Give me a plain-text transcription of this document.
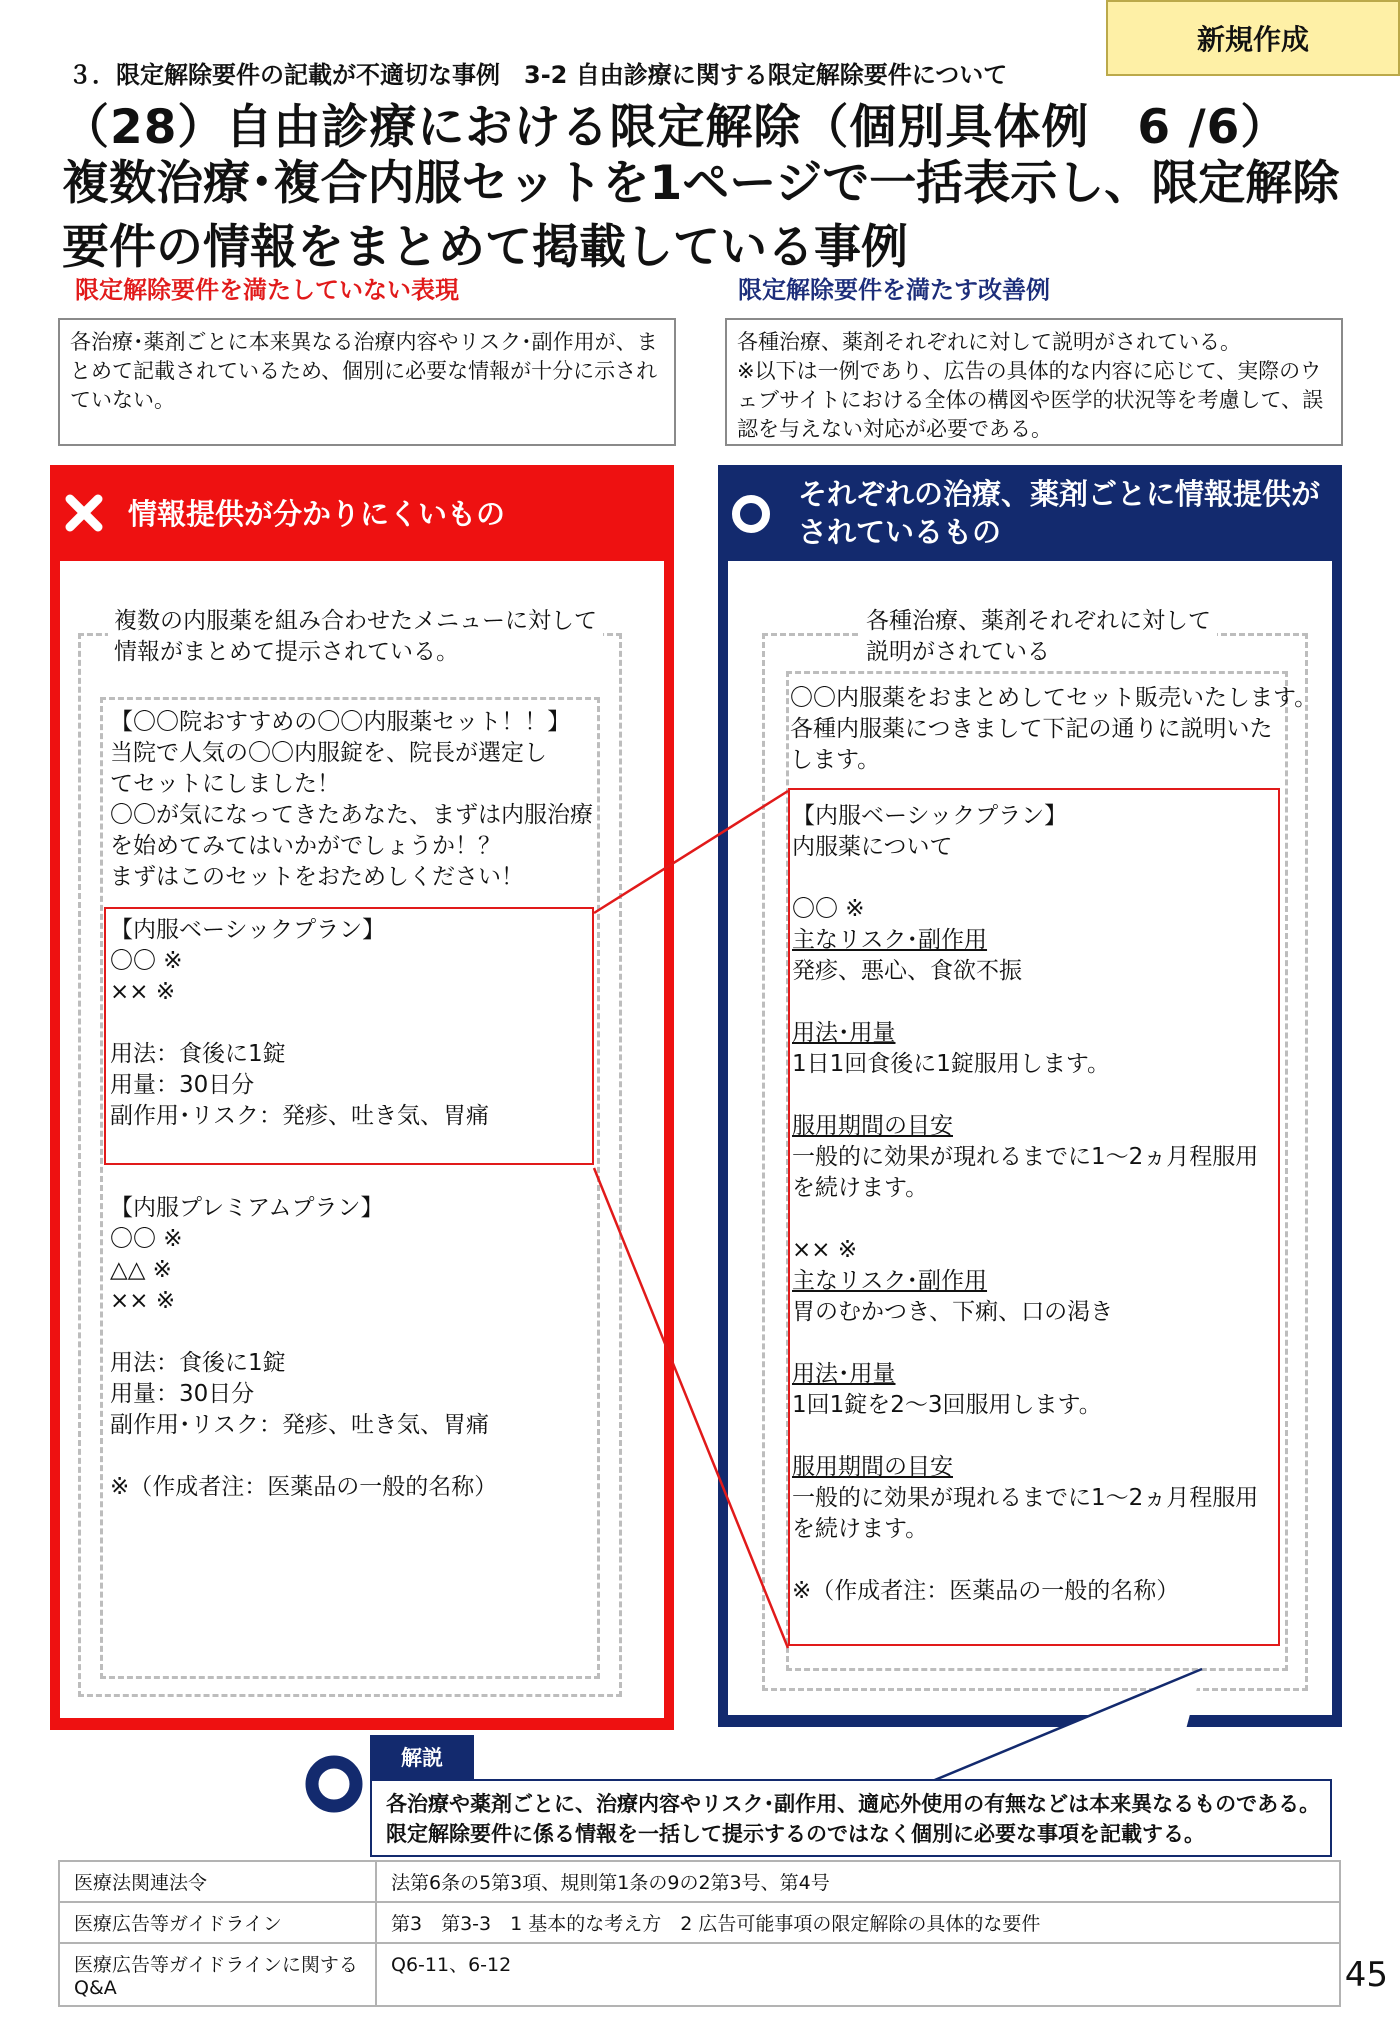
新規作成
３．限定解除要件の記載が不適切な事例　3-2 自由診療に関する限定解除要件について
（28）自由診療における限定解除（個別具体例　6 /6）
複数治療･複合内服セットを1ページで一括表示し、限定解除要件の情報をまとめて掲載している事例
限定解除要件を満たしていない表現	限定解除要件を満たす改善例
各治療･薬剤ごとに本来異なる治療内容やリスク･副作用が、まとめて記載されているため、個別に必要な情報が十分に示されていない。
各種治療、薬剤それぞれに対して説明がされている。
※以下は一例であり、広告の具体的な内容に応じて、実際のウェブサイトにおける全体の構図や医学的状況等を考慮して、誤認を与えない対応が必要である。
情報提供が分かりにくいもの
複数の内服薬を組み合わせたメニューに対して
情報がまとめて提示されている。
【〇〇院おすすめの〇〇内服薬セット！！】
当院で人気の〇〇内服錠を、院長が選定し
てセットにしました！
〇〇が気になってきたあなた、まずは内服治療
を始めてみてはいかがでしょうか！？
まずはこのセットをおためしください！
【内服ベーシックプラン】
〇〇 ※
×× ※

用法：食後に1錠
用量：30日分
副作用･リスク：発疹、吐き気、胃痛
【内服プレミアムプラン】
〇〇 ※
△△ ※
×× ※

用法：食後に1錠
用量：30日分
副作用･リスク：発疹、吐き気、胃痛

※（作成者注：医薬品の一般的名称）
それぞれの治療、薬剤ごとに情報提供がされているもの
各種治療、薬剤それぞれに対して
説明がされている
〇〇内服薬をおまとめしてセット販売いたします。
各種内服薬につきまして下記の通りに説明いた
します。
【内服ベーシックプラン】
内服薬について

〇〇 ※
主なリスク･副作用
発疹、悪心、食欲不振

用法･用量
1日1回食後に1錠服用します。

服用期間の目安
一般的に効果が現れるまでに1～2ヵ月程服用
を続けます。

×× ※
主なリスク･副作用
胃のむかつき、下痢、口の渇き

用法･用量
1回1錠を2～3回服用します。

服用期間の目安
一般的に効果が現れるまでに1～2ヵ月程服用
を続けます。

※（作成者注：医薬品の一般的名称）
解説
各治療や薬剤ごとに、治療内容やリスク･副作用、適応外使用の有無などは本来異なるものである。
限定解除要件に係る情報を一括して提示するのではなく個別に必要な事項を記載する。
医療法関連法令	法第6条の5第3項、規則第1条の9の2第3号、第4号
医療広告等ガイドライン	第3　第3-3　1 基本的な考え方　2 広告可能事項の限定解除の具体的な要件
医療広告等ガイドラインに関する
Q&A	Q6-11、6-12	45
